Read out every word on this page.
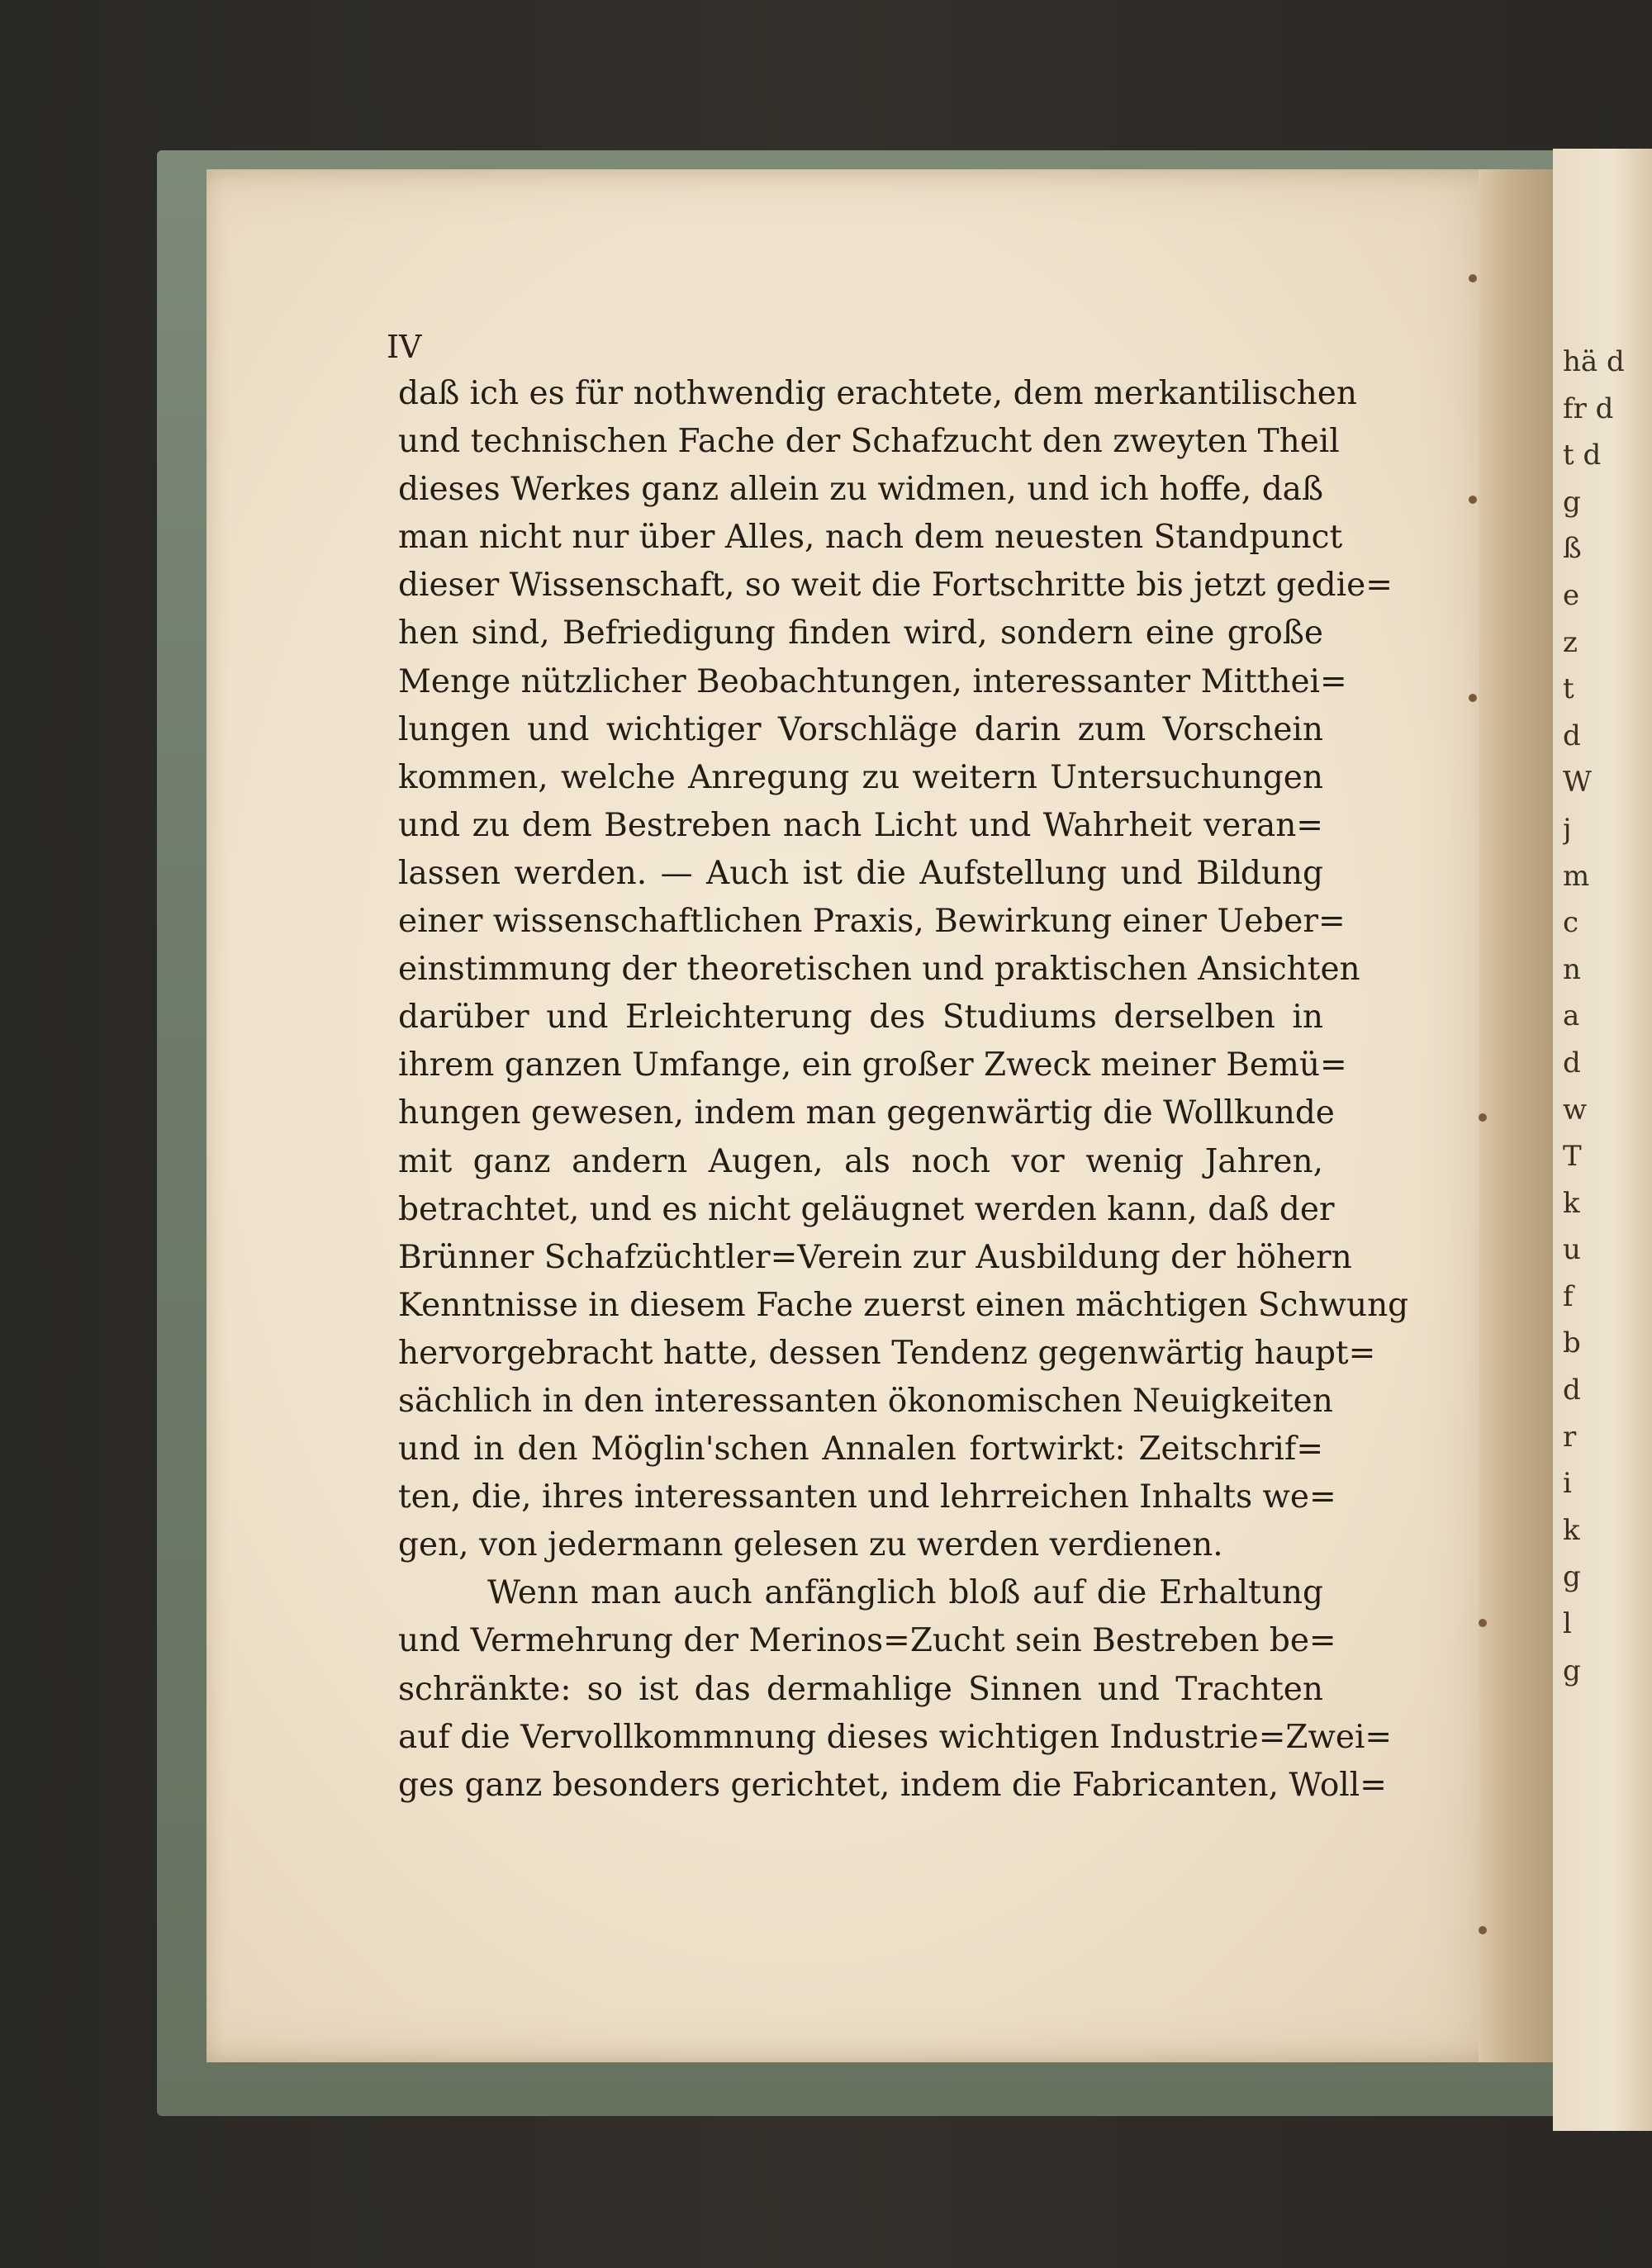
hä d
fr d
t d
g
ß
e
z
t
d
W
j
m
c
n
a
d
w
T
k
u
f
b
d
r
i
k
g
l
g
IV
daß ich es für nothwendig erachtete, dem merkantilischen
und technischen Fache der Schafzucht den zweyten Theil
dieses Werkes ganz allein zu widmen, und ich hoffe, daß
man nicht nur über Alles, nach dem neuesten Standpunct
dieser Wissenschaft, so weit die Fortschritte bis jetzt gedie=
hen sind, Befriedigung finden wird, sondern eine große
Menge nützlicher Beobachtungen, interessanter Mitthei=
lungen und wichtiger Vorschläge darin zum Vorschein
kommen, welche Anregung zu weitern Untersuchungen
und zu dem Bestreben nach Licht und Wahrheit veran=
lassen werden. — Auch ist die Aufstellung und Bildung
einer wissenschaftlichen Praxis, Bewirkung einer Ueber=
einstimmung der theoretischen und praktischen Ansichten
darüber und Erleichterung des Studiums derselben in
ihrem ganzen Umfange, ein großer Zweck meiner Bemü=
hungen gewesen, indem man gegenwärtig die Wollkunde
mit ganz andern Augen, als noch vor wenig Jahren,
betrachtet, und es nicht geläugnet werden kann, daß der
Brünner Schafzüchtler=Verein zur Ausbildung der höhern
Kenntnisse in diesem Fache zuerst einen mächtigen Schwung
hervorgebracht hatte, dessen Tendenz gegenwärtig haupt=
sächlich in den interessanten ökonomischen Neuigkeiten
und in den Möglin'schen Annalen fortwirkt: Zeitschrif=
ten, die, ihres interessanten und lehrreichen Inhalts we=
gen, von jedermann gelesen zu werden verdienen.
Wenn man auch anfänglich bloß auf die Erhaltung
und Vermehrung der Merinos=Zucht sein Bestreben be=
schränkte: so ist das dermahlige Sinnen und Trachten
auf die Vervollkommnung dieses wichtigen Industrie=Zwei=
ges ganz besonders gerichtet, indem die Fabricanten, Woll=
